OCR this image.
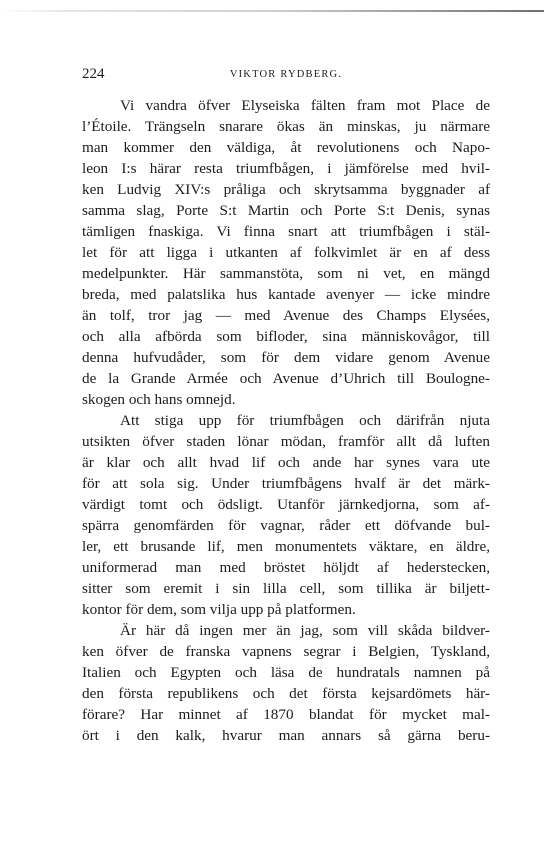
224	VIKTOR RYDBERG.
Vi vandra öfver Elyseiska fälten fram mot Place de
l’Étoile. Trängseln snarare ökas än minskas, ju närmare
man kommer den väldiga, åt revolutionens och Napo-
leon I:s härar resta triumfbågen, i jämförelse med hvil-
ken Ludvig XIV:s pråliga och skrytsamma byggnader af
samma slag, Porte S:t Martin och Porte S:t Denis, synas
tämligen fnaskiga. Vi finna snart att triumfbågen i stäl-
let för att ligga i utkanten af folkvimlet är en af dess
medelpunkter. Här sammanstöta, som ni vet, en mängd
breda, med palatslika hus kantade avenyer — icke mindre
än tolf, tror jag — med Avenue des Champs Elysées,
och alla afbörda som bifloder, sina människovågor, till
denna hufvudåder, som för dem vidare genom Avenue
de la Grande Armée och Avenue d’Uhrich till Boulogne-
skogen och hans omnejd.
Att stiga upp för triumfbågen och därifrån njuta
utsikten öfver staden lönar mödan, framför allt då luften
är klar och allt hvad lif och ande har synes vara ute
för att sola sig. Under triumfbågens hvalf är det märk-
värdigt tomt och ödsligt. Utanför järnkedjorna, som af-
spärra genomfärden för vagnar, råder ett döfvande bul-
ler, ett brusande lif, men monumentets väktare, en äldre,
uniformerad man med bröstet höljdt af hederstecken,
sitter som eremit i sin lilla cell, som tillika är biljett-
kontor för dem, som vilja upp på platformen.
Är här då ingen mer än jag, som vill skåda bildver-
ken öfver de franska vapnens segrar i Belgien, Tyskland,
Italien och Egypten och läsa de hundratals namnen på
den första republikens och det första kejsardömets här-
förare? Har minnet af 1870 blandat för mycket mal-
ört i den kalk, hvarur man annars så gärna beru-
